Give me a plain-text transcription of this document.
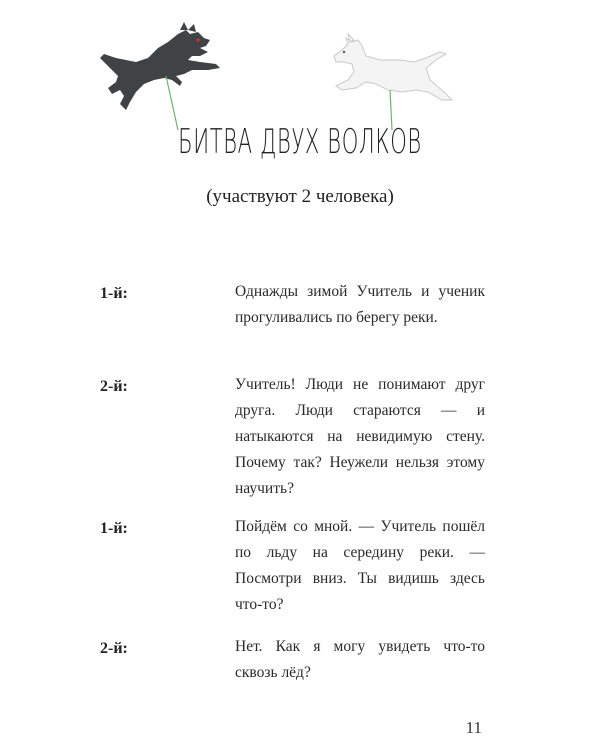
БИТВА ДВУХ ВОЛКОВ
(участвуют 2 человека)
1-й:	Однажды зимой Учитель и ученик прогуливались по берегу реки.
2-й:	Учитель! Люди не понимают друг друга. Люди стараются — и натыкаются на невидимую стену. Почему так? Неужели нельзя этому научить?
1-й:	Пойдём со мной. — Учитель пошёл по льду на середину реки. — Посмотри вниз. Ты видишь здесь что-то?
2-й:	Нет. Как я могу увидеть что-то сквозь лёд?
11
